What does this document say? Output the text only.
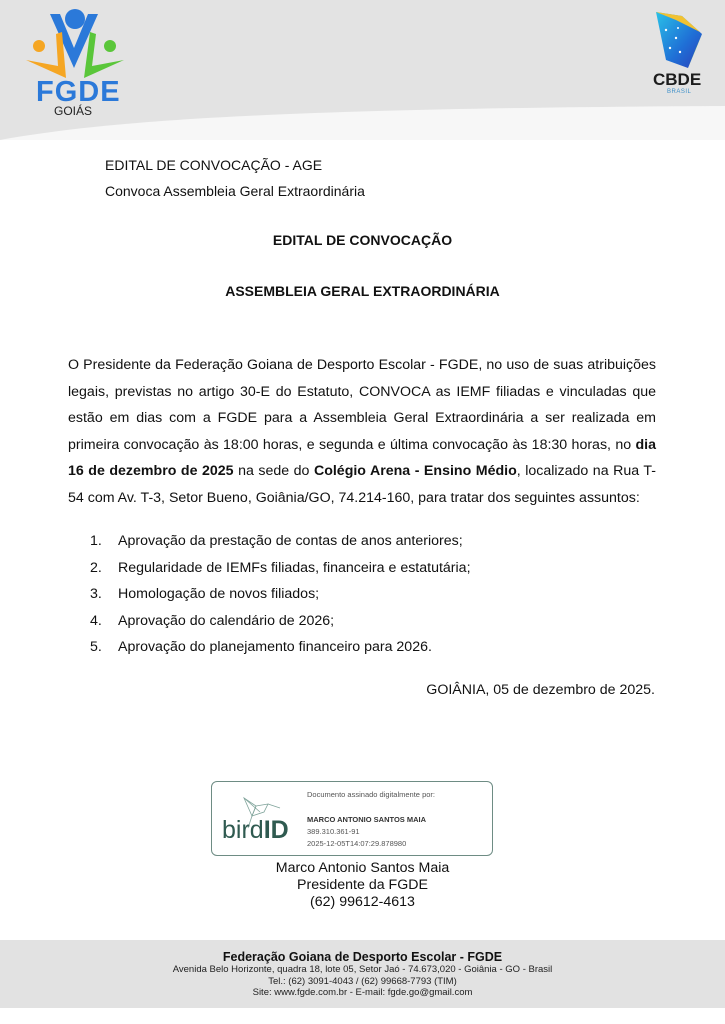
FGDE
GOIÁS
CBDE
BRASIL
EDITAL DE CONVOCAÇÃO - AGE
Convoca Assembleia Geral Extraordinária
EDITAL DE CONVOCAÇÃO
ASSEMBLEIA GERAL EXTRAORDINÁRIA
O Presidente da Federação Goiana de Desporto Escolar - FGDE, no uso de suas atribuições legais, previstas no artigo 30-E do Estatuto, CONVOCA as IEMF filiadas e vinculadas que estão em dias com a FGDE para a Assembleia Geral Extraordinária a ser realizada em primeira convocação às 18:00 horas, e segunda e última convocação às 18:30 horas, no dia 16 de dezembro de 2025 na sede do Colégio Arena - Ensino Médio, localizado na Rua T-54 com Av. T-3, Setor Bueno, Goiânia/GO, 74.214-160, para tratar dos seguintes assuntos:
1.	Aprovação da prestação de contas de anos anteriores;
2.	Regularidade de IEMFs filiadas, financeira e estatutária;
3.	Homologação de novos filiados;
4.	Aprovação do calendário de 2026;
5.	Aprovação do planejamento financeiro para 2026.
GOIÂNIA, 05 de dezembro de 2025.
birdID
Documento assinado digitalmente por:
MARCO ANTONIO SANTOS MAIA
389.310.361-91
2025-12-05T14:07:29.878980
Marco Antonio Santos Maia
Presidente da FGDE
(62) 99612-4613
Federação Goiana de Desporto Escolar - FGDE
Avenida Belo Horizonte, quadra 18, lote 05, Setor Jaó - 74.673,020 - Goiânia - GO - Brasil
Tel.: (62) 3091-4043 / (62) 99668-7793 (TIM)
Site: www.fgde.com.br - E-mail: fgde.go@gmail.com
